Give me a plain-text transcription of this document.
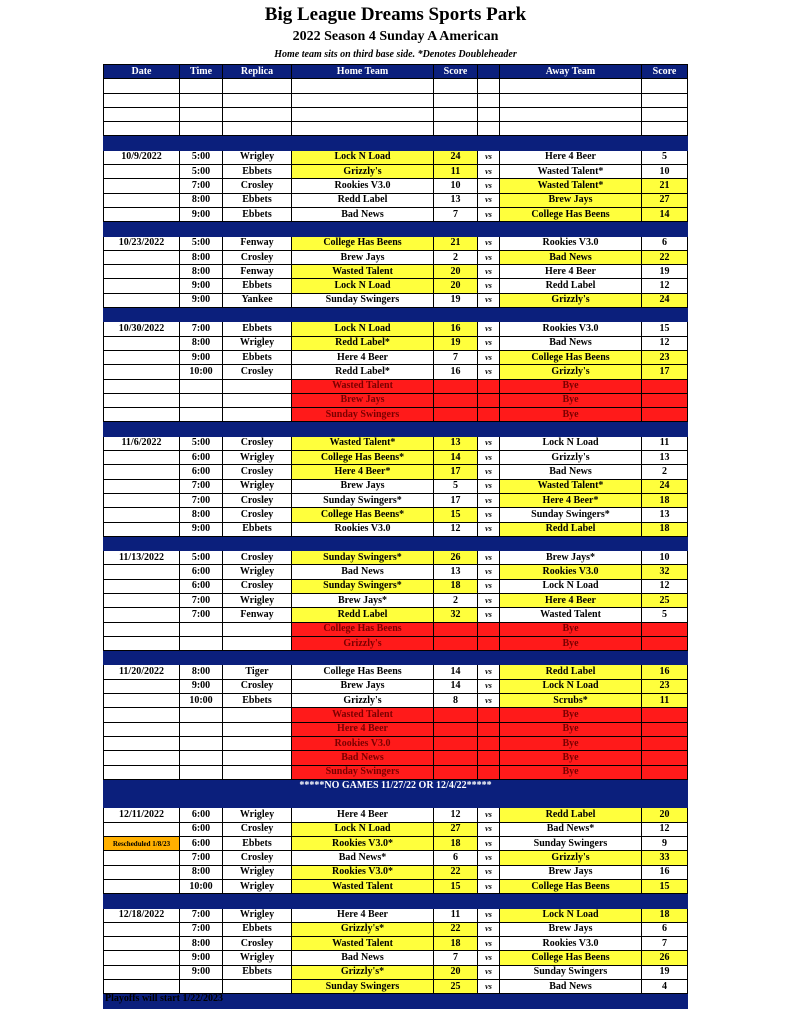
Big League Dreams Sports Park
2022 Season 4 Sunday A American
Home team sits on third base side. *Denotes Doubleheader
Date	Time	Replica	Home Team	Score		Away Team	Score

10/9/2022	5:00	Wrigley	Lock N Load	24	vs	Here 4 Beer	5
	5:00	Ebbets	Grizzly's	11	vs	Wasted Talent*	10
	7:00	Crosley	Rookies V3.0	10	vs	Wasted Talent*	21
	8:00	Ebbets	Redd Label	13	vs	Brew Jays	27
	9:00	Ebbets	Bad News	7	vs	College Has Beens	14

10/23/2022	5:00	Fenway	College Has Beens	21	vs	Rookies V3.0	6
	8:00	Crosley	Brew Jays	2	vs	Bad News	22
	8:00	Fenway	Wasted Talent	20	vs	Here 4 Beer	19
	9:00	Ebbets	Lock N Load	20	vs	Redd Label	12
	9:00	Yankee	Sunday Swingers	19	vs	Grizzly's	24

10/30/2022	7:00	Ebbets	Lock N Load	16	vs	Rookies V3.0	15
	8:00	Wrigley	Redd Label*	19	vs	Bad News	12
	9:00	Ebbets	Here 4 Beer	7	vs	College Has Beens	23
	10:00	Crosley	Redd Label*	16	vs	Grizzly's	17
			Wasted Talent			Bye	
			Brew Jays			Bye	
			Sunday Swingers			Bye	

11/6/2022	5:00	Crosley	Wasted Talent*	13	vs	Lock N Load	11
	6:00	Wrigley	College Has Beens*	14	vs	Grizzly's	13
	6:00	Crosley	Here 4 Beer*	17	vs	Bad News	2
	7:00	Wrigley	Brew Jays	5	vs	Wasted Talent*	24
	7:00	Crosley	Sunday Swingers*	17	vs	Here 4 Beer*	18
	8:00	Crosley	College Has Beens*	15	vs	Sunday Swingers*	13
	9:00	Ebbets	Rookies V3.0	12	vs	Redd Label	18

11/13/2022	5:00	Crosley	Sunday Swingers*	26	vs	Brew Jays*	10
	6:00	Wrigley	Bad News	13	vs	Rookies V3.0	32
	6:00	Crosley	Sunday Swingers*	18	vs	Lock N Load	12
	7:00	Wrigley	Brew Jays*	2	vs	Here 4 Beer	25
	7:00	Fenway	Redd Label	32	vs	Wasted Talent	5
			College Has Beens			Bye	
			Grizzly's			Bye	

11/20/2022	8:00	Tiger	College Has Beens	14	vs	Redd Label	16
	9:00	Crosley	Brew Jays	14	vs	Lock N Load	23
	10:00	Ebbets	Grizzly's	8	vs	Scrubs*	11
			Wasted Talent			Bye	
			Here 4 Beer			Bye	
			Rookies V3.0			Bye	
			Bad News			Bye	
			Sunday Swingers			Bye	
*****NO GAMES 11/27/22 OR 12/4/22*****							

12/11/2022	6:00	Wrigley	Here 4 Beer	12	vs	Redd Label	20
	6:00	Crosley	Lock N Load	27	vs	Bad News*	12
Rescheduled 1/8/23	6:00	Ebbets	Rookies V3.0*	18	vs	Sunday Swingers	9
	7:00	Crosley	Bad News*	6	vs	Grizzly's	33
	8:00	Wrigley	Rookies V3.0*	22	vs	Brew Jays	16
	10:00	Wrigley	Wasted Talent	15	vs	College Has Beens	15

12/18/2022	7:00	Wrigley	Here 4 Beer	11	vs	Lock N Load	18
	7:00	Ebbets	Grizzly's*	22	vs	Brew Jays	6
	8:00	Crosley	Wasted Talent	18	vs	Rookies V3.0	7
	9:00	Wrigley	Bad News	7	vs	College Has Beens	26
	9:00	Ebbets	Grizzly's*	20	vs	Sunday Swingers	19
			Sunday Swingers	25	vs	Bad News	4

Playoffs will start 1/22/2023
